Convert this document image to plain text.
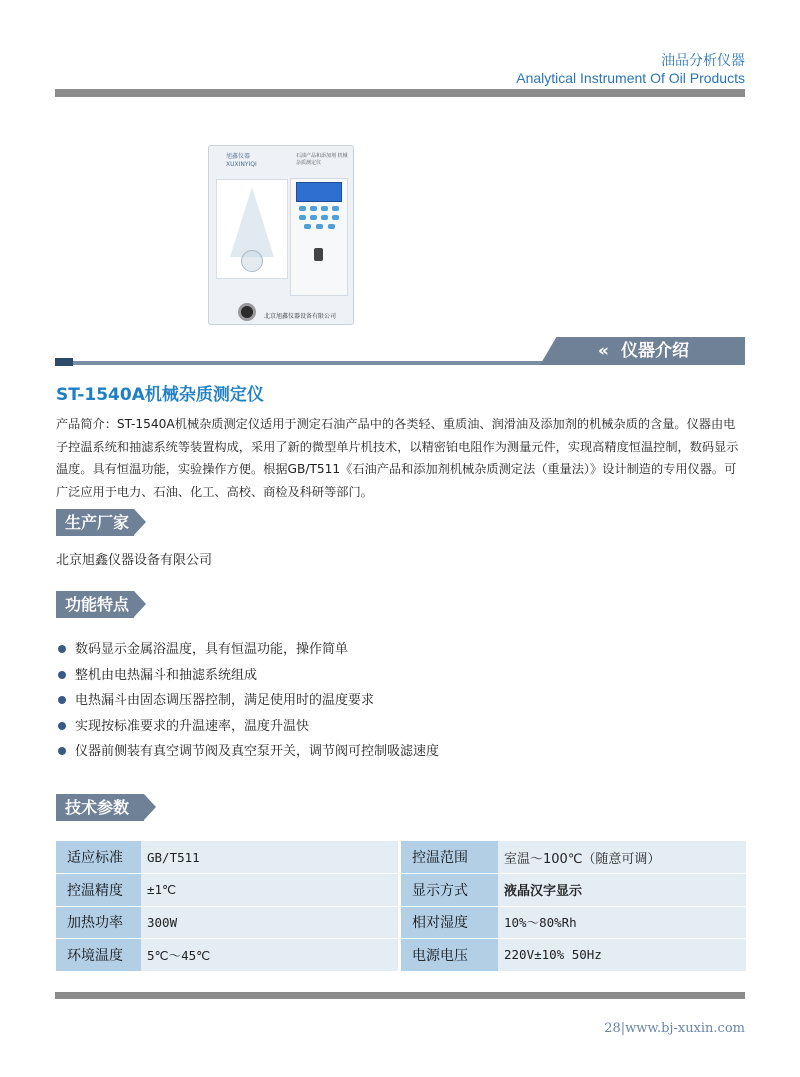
油品分析仪器
Analytical Instrument Of Oil Products
旭鑫仪器
XUXINYIQI
石油产品和添加剂 机械杂质测定仪
北京旭鑫仪器设备有限公司
« 仪器介绍
ST-1540A机械杂质测定仪

产品简介：ST-1540A机械杂质测定仪适用于测定石油产品中的各类轻、重质油、润滑油及添加剂的机械杂质的含量。仪器由电子控温系统和抽滤系统等装置构成，采用了新的微型单片机技术，以精密铂电阻作为测量元件，实现高精度恒温控制，数码显示温度。具有恒温功能，实验操作方便。根据GB/T511《石油产品和添加剂机械杂质测定法（重量法）》设计制造的专用仪器。可广泛应用于电力、石油、化工、高校、商检及科研等部门。

生产厂家
北京旭鑫仪器设备有限公司
功能特点
数码显示金属浴温度，具有恒温功能，操作简单
整机由电热漏斗和抽滤系统组成
电热漏斗由固态调压器控制，满足使用时的温度要求
实现按标准要求的升温速率，温度升温快
仪器前侧装有真空调节阀及真空泵开关，调节阀可控制吸滤速度
技术参数
适应标准	GB/T511		控温范围	室温～100℃（随意可调）
控温精度	±1℃		显示方式	液晶汉字显示
加热功率	300W		相对湿度	10%～80%Rh
环境温度	5℃～45℃		电源电压	220V±10% 50Hz
28|www.bj-xuxin.com
